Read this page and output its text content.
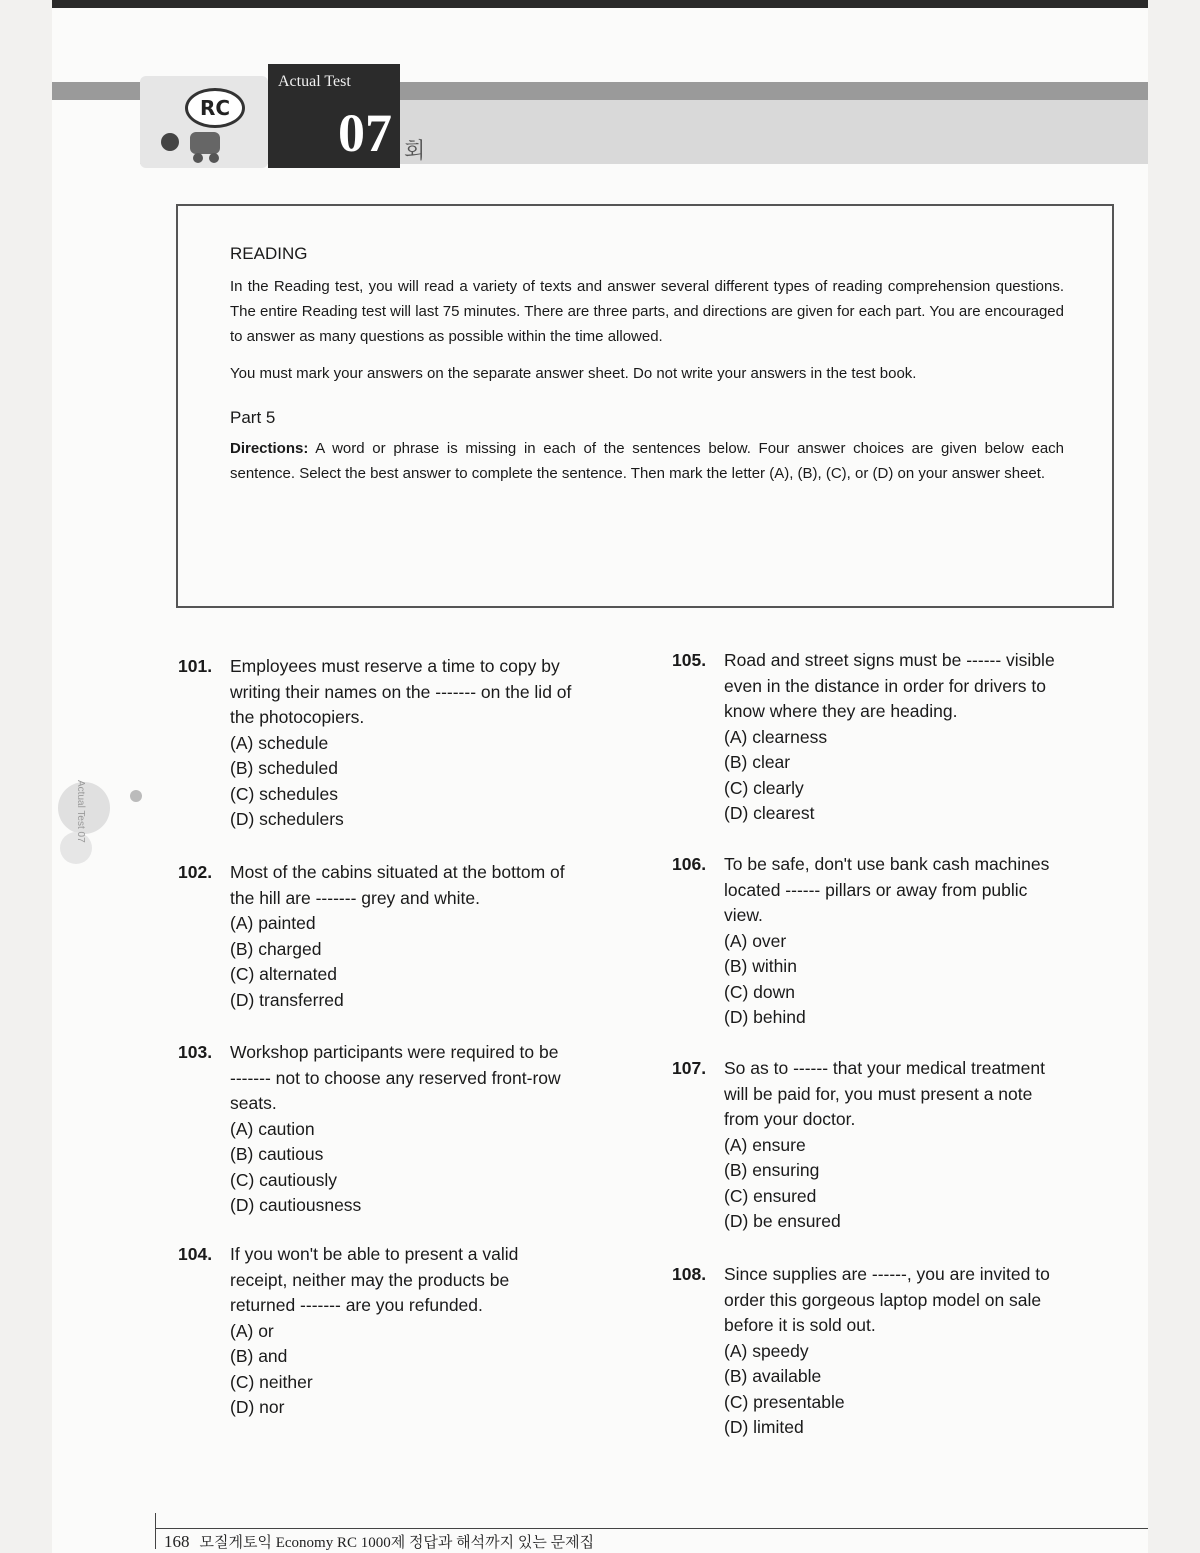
RC
Actual Test
07 회
Actual Test 07
READING

In the Reading test, you will read a variety of texts and answer several different types of reading comprehension questions. The entire Reading test will last 75 minutes. There are three parts, and directions are given for each part. You are encouraged to answer as many questions as possible within the time allowed.

You must mark your answers on the separate answer sheet. Do not write your answers in the test book.

Part 5

Directions: A word or phrase is missing in each of the sentences below. Four answer choices are given below each sentence. Select the best answer to complete the sentence. Then mark the letter (A), (B), (C), or (D) on your answer sheet.

101. Employees must reserve a time to copy by
writing their names on the ------- on the lid of
the photocopiers.
(A) schedule
(B) scheduled
(C) schedules
(D) schedulers
102. Most of the cabins situated at the bottom of
the hill are ------- grey and white.
(A) painted
(B) charged
(C) alternated
(D) transferred
103. Workshop participants were required to be
------- not to choose any reserved front-row
seats.
(A) caution
(B) cautious
(C) cautiously
(D) cautiousness
104. If you won't be able to present a valid
receipt, neither may the products be
returned ------- are you refunded.
(A) or
(B) and
(C) neither
(D) nor
105. Road and street signs must be ------ visible
even in the distance in order for drivers to
know where they are heading.
(A) clearness
(B) clear
(C) clearly
(D) clearest
106. To be safe, don't use bank cash machines
located ------ pillars or away from public
view.
(A) over
(B) within
(C) down
(D) behind
107. So as to ------ that your medical treatment
will be paid for, you must present a note
from your doctor.
(A) ensure
(B) ensuring
(C) ensured
(D) be ensured
108. Since supplies are ------, you are invited to
order this gorgeous laptop model on sale
before it is sold out.
(A) speedy
(B) available
(C) presentable
(D) limited
168 모질게토익 Economy RC 1000제 정답과 해석까지 있는 문제집
